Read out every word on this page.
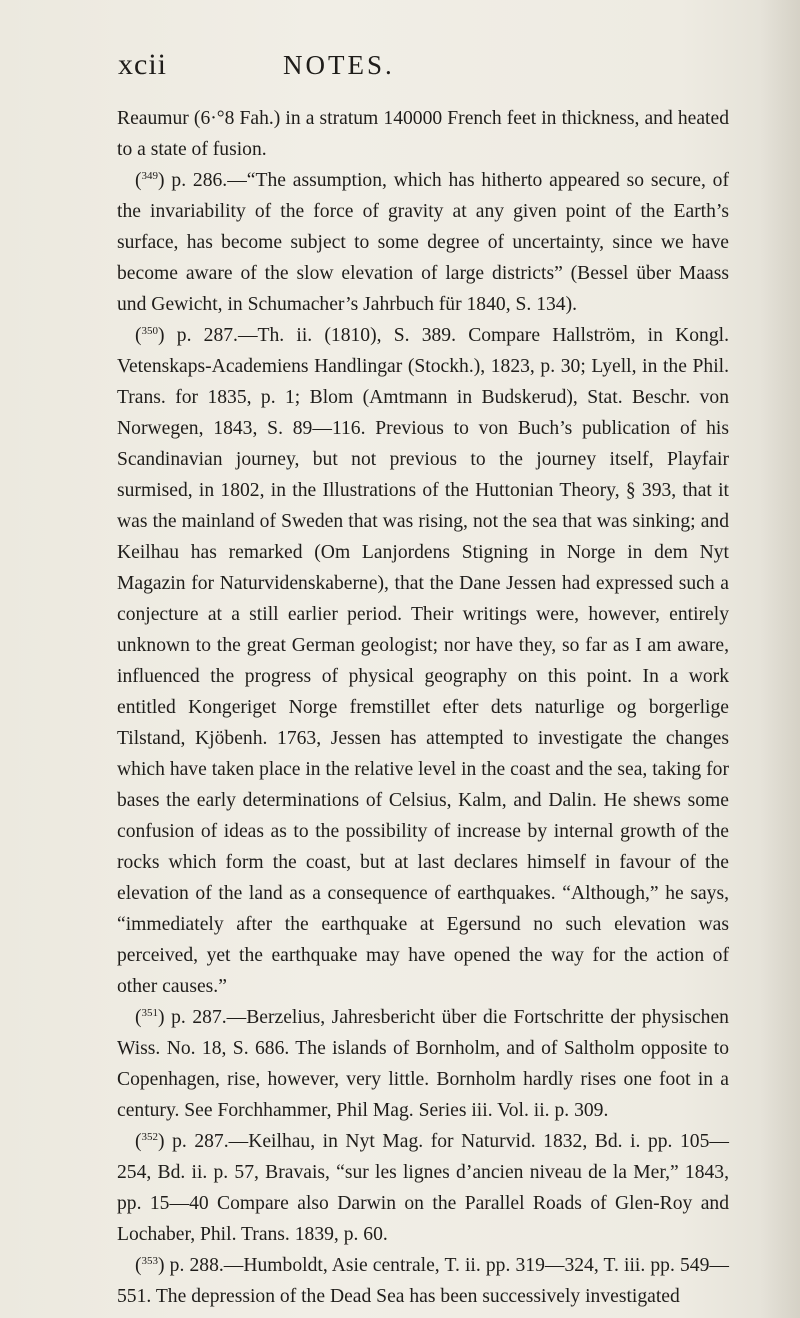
xcii	NOTES.

Reaumur (6·°8 Fah.) in a stratum 140000 French feet in thickness, and heated to a state of fusion.

($^{349}$) p. 286.—“The assumption, which has hitherto appeared so secure, of the invariability of the force of gravity at any given point of the Earth’s surface, has become subject to some degree of uncertainty, since we have become aware of the slow elevation of large districts” (Bessel über Maass und Gewicht, in Schumacher’s Jahrbuch für 1840, S. 134).

($^{350}$) p. 287.—Th. ii. (1810), S. 389. Compare Hallström, in Kongl. Vetenskaps-Academiens Handlingar (Stockh.), 1823, p. 30; Lyell, in the Phil. Trans. for 1835, p. 1; Blom (Amtmann in Budskerud), Stat. Beschr. von Norwegen, 1843, S. 89—116. Previous to von Buch’s publication of his Scandinavian journey, but not previous to the journey itself, Playfair surmised, in 1802, in the Illustrations of the Huttonian Theory, § 393, that it was the mainland of Sweden that was rising, not the sea that was sinking; and Keilhau has remarked (Om Lanjordens Stigning in Norge in dem Nyt Magazin for Naturvidenskaberne), that the Dane Jessen had expressed such a conjecture at a still earlier period. Their writings were, however, entirely unknown to the great German geologist; nor have they, so far as I am aware, influenced the progress of physical geography on this point. In a work entitled Kongeriget Norge fremstillet efter dets naturlige og borgerlige Tilstand, Kjöbenh. 1763, Jessen has attempted to investigate the changes which have taken place in the relative level in the coast and the sea, taking for bases the early determinations of Celsius, Kalm, and Dalin. He shews some confusion of ideas as to the possibility of increase by internal growth of the rocks which form the coast, but at last declares himself in favour of the elevation of the land as a consequence of earthquakes. “Although,” he says, “immediately after the earthquake at Egersund no such elevation was perceived, yet the earthquake may have opened the way for the action of other causes.”

($^{351}$) p. 287.—Berzelius, Jahresbericht über die Fortschritte der physischen Wiss. No. 18, S. 686. The islands of Bornholm, and of Saltholm opposite to Copenhagen, rise, however, very little. Bornholm hardly rises one foot in a century. See Forchhammer, Phil Mag. Series iii. Vol. ii. p. 309.

($^{352}$) p. 287.—Keilhau, in Nyt Mag. for Naturvid. 1832, Bd. i. pp. 105—254, Bd. ii. p. 57, Bravais, “sur les lignes d’ancien niveau de la Mer,” 1843, pp. 15—40 Compare also Darwin on the Parallel Roads of Glen-Roy and Lochaber, Phil. Trans. 1839, p. 60.

($^{353}$) p. 288.—Humboldt, Asie centrale, T. ii. pp. 319—324, T. iii. pp. 549—551. The depression of the Dead Sea has been successively investigated
